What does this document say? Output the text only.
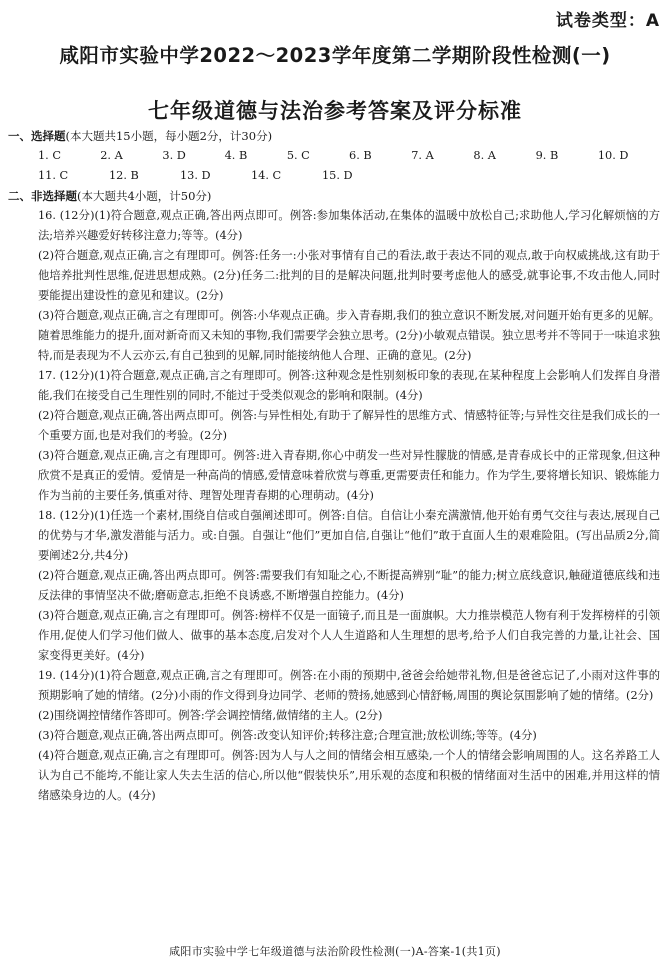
试卷类型：A
咸阳市实验中学2022～2023学年度第二学期阶段性检测(一)
七年级道德与法治参考答案及评分标准
一、选择题(本大题共15小题，每小题2分，计30分)
1. C	2. A	3. D	4. B	5. C	6. B	7. A	8. A	9. B	10. D
11. C	12. B	13. D	14. C	15. D
二、非选择题(本大题共4小题，计50分)

16. (12分)(1)符合题意,观点正确,答出两点即可。例答:参加集体活动,在集体的温暖中放松自己;求助他人,学习化解烦恼的方法;培养兴趣爱好转移注意力;等等。(4分)

(2)符合题意,观点正确,言之有理即可。例答:任务一:小张对事情有自己的看法,敢于表达不同的观点,敢于向权威挑战,这有助于他培养批判性思维,促进思想成熟。(2分)任务二:批判的目的是解决问题,批判时要考虑他人的感受,就事论事,不攻击他人,同时要能提出建设性的意见和建议。(2分)

(3)符合题意,观点正确,言之有理即可。例答:小华观点正确。步入青春期,我们的独立意识不断发展,对问题开始有更多的见解。随着思维能力的提升,面对新奇而又未知的事物,我们需要学会独立思考。(2分)小敏观点错误。独立思考并不等同于一味追求独特,而是表现为不人云亦云,有自己独到的见解,同时能接纳他人合理、正确的意见。(2分)

17. (12分)(1)符合题意,观点正确,言之有理即可。例答:这种观念是性别刻板印象的表现,在某种程度上会影响人们发挥自身潜能,我们在接受自己生理性别的同时,不能过于受类似观念的影响和限制。(4分)

(2)符合题意,观点正确,答出两点即可。例答:与异性相处,有助于了解异性的思维方式、情感特征等;与异性交往是我们成长的一个重要方面,也是对我们的考验。(2分)

(3)符合题意,观点正确,言之有理即可。例答:进入青春期,你心中萌发一些对异性朦胧的情感,是青春成长中的正常现象,但这种欣赏不是真正的爱情。爱情是一种高尚的情感,爱情意味着欣赏与尊重,更需要责任和能力。作为学生,要将增长知识、锻炼能力作为当前的主要任务,慎重对待、理智处理青春期的心理萌动。(4分)

18. (12分)(1)任选一个素材,围绕自信或自强阐述即可。例答:自信。自信让小秦充满激情,他开始有勇气交往与表达,展现自己的优势与才华,激发潜能与活力。或:自强。自强让“他们”更加自信,自强让“他们”敢于直面人生的艰难险阻。(写出品质2分,简要阐述2分,共4分)

(2)符合题意,观点正确,答出两点即可。例答:需要我们有知耻之心,不断提高辨别“耻”的能力;树立底线意识,触碰道德底线和违反法律的事情坚决不做;磨砺意志,拒绝不良诱惑,不断增强自控能力。(4分)

(3)符合题意,观点正确,言之有理即可。例答:榜样不仅是一面镜子,而且是一面旗帜。大力推崇模范人物有利于发挥榜样的引领作用,促使人们学习他们做人、做事的基本态度,启发对个人人生道路和人生理想的思考,给予人们自我完善的力量,让社会、国家变得更美好。(4分)

19. (14分)(1)符合题意,观点正确,言之有理即可。例答:在小雨的预期中,爸爸会给她带礼物,但是爸爸忘记了,小雨对这件事的预期影响了她的情绪。(2分)小雨的作文得到身边同学、老师的赞扬,她感到心情舒畅,周围的舆论氛围影响了她的情绪。(2分)

(2)围绕调控情绪作答即可。例答:学会调控情绪,做情绪的主人。(2分)

(3)符合题意,观点正确,答出两点即可。例答:改变认知评价;转移注意;合理宣泄;放松训练;等等。(4分)

(4)符合题意,观点正确,言之有理即可。例答:因为人与人之间的情绪会相互感染,一个人的情绪会影响周围的人。这名养路工人认为自己不能垮,不能让家人失去生活的信心,所以他“假装快乐”,用乐观的态度和积极的情绪面对生活中的困难,并用这样的情绪感染身边的人。(4分)

咸阳市实验中学七年级道德与法治阶段性检测(一)A-答案-1(共1页)
